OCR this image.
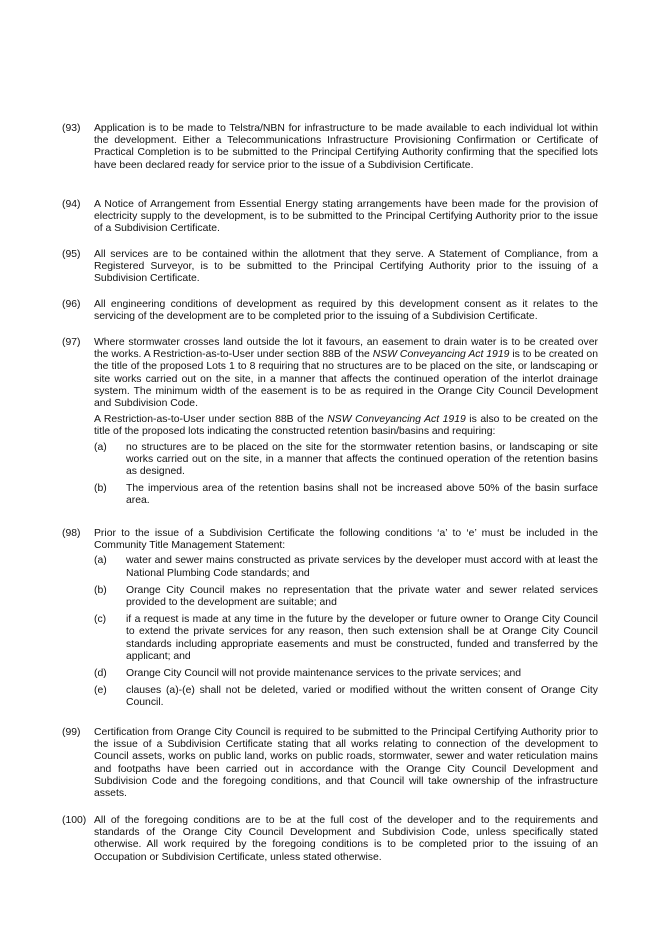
(93)	Application is to be made to Telstra/NBN for infrastructure to be made available to each individual lot within the development. Either a Telecommunications Infrastructure Provisioning Confirmation or Certificate of Practical Completion is to be submitted to the Principal Certifying Authority confirming that the specified lots have been declared ready for service prior to the issue of a Subdivision Certificate.

(94)	A Notice of Arrangement from Essential Energy stating arrangements have been made for the provision of electricity supply to the development, is to be submitted to the Principal Certifying Authority prior to the issue of a Subdivision Certificate.

(95)	All services are to be contained within the allotment that they serve. A Statement of Compliance, from a Registered Surveyor, is to be submitted to the Principal Certifying Authority prior to the issuing of a Subdivision Certificate.

(96)	All engineering conditions of development as required by this development consent as it relates to the servicing of the development are to be completed prior to the issuing of a Subdivision Certificate.

(97)	Where stormwater crosses land outside the lot it favours, an easement to drain water is to be created over the works. A Restriction-as-to-User under section 88B of the NSW Conveyancing Act 1919 is to be created on the title of the proposed Lots 1 to 8 requiring that no structures are to be placed on the site, or landscaping or site works carried out on the site, in a manner that affects the continued operation of the interlot drainage system. The minimum width of the easement is to be as required in the Orange City Council Development and Subdivision Code.

A Restriction-as-to-User under section 88B of the NSW Conveyancing Act 1919 is also to be created on the title of the proposed lots indicating the constructed retention basin/basins and requiring:

(a) no structures are to be placed on the site for the stormwater retention basins, or landscaping or site works carried out on the site, in a manner that affects the continued operation of the retention basins as designed.
(b) The impervious area of the retention basins shall not be increased above 50% of the basin surface area.
(98)	Prior to the issue of a Subdivision Certificate the following conditions ‘a’ to ‘e’ must be included in the Community Title Management Statement:

(a) water and sewer mains constructed as private services by the developer must accord with at least the National Plumbing Code standards; and
(b) Orange City Council makes no representation that the private water and sewer related services provided to the development are suitable; and
(c) if a request is made at any time in the future by the developer or future owner to Orange City Council to extend the private services for any reason, then such extension shall be at Orange City Council standards including appropriate easements and must be constructed, funded and transferred by the applicant; and
(d) Orange City Council will not provide maintenance services to the private services; and
(e) clauses (a)-(e) shall not be deleted, varied or modified without the written consent of Orange City Council.
(99)	Certification from Orange City Council is required to be submitted to the Principal Certifying Authority prior to the issue of a Subdivision Certificate stating that all works relating to connection of the development to Council assets, works on public land, works on public roads, stormwater, sewer and water reticulation mains and footpaths have been carried out in accordance with the Orange City Council Development and Subdivision Code and the foregoing conditions, and that Council will take ownership of the infrastructure assets.

(100) All of the foregoing conditions are to be at the full cost of the developer and to the requirements and standards of the Orange City Council Development and Subdivision Code, unless specifically stated otherwise. All work required by the foregoing conditions is to be completed prior to the issuing of an Occupation or Subdivision Certificate, unless stated otherwise.
